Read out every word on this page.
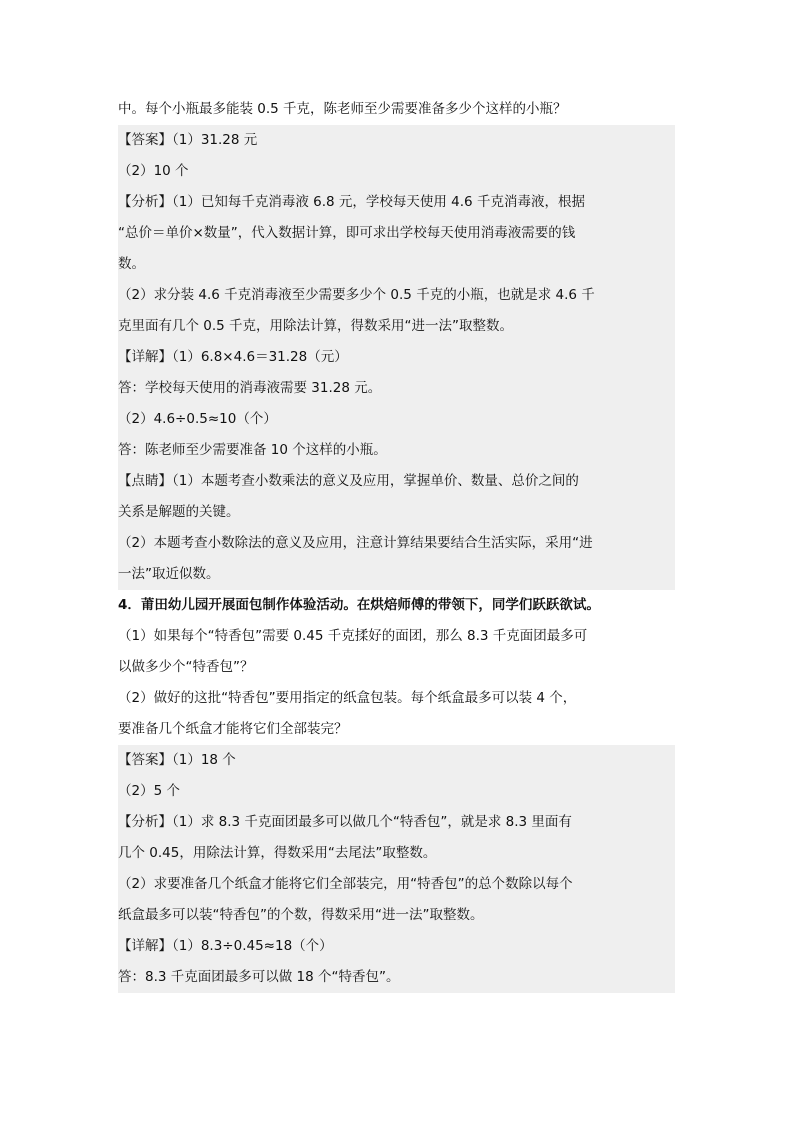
中。每个小瓶最多能装 0.5 千克，陈老师至少需要准备多少个这样的小瓶？
【答案】（1）31.28 元
（2）10 个
【分析】（1）已知每千克消毒液 6.8 元，学校每天使用 4.6 千克消毒液，根据
“总价＝单价×数量”，代入数据计算，即可求出学校每天使用消毒液需要的钱
数。
（2）求分装 4.6 千克消毒液至少需要多少个 0.5 千克的小瓶，也就是求 4.6 千
克里面有几个 0.5 千克，用除法计算，得数采用“进一法”取整数。
【详解】（1）6.8×4.6＝31.28（元）
答：学校每天使用的消毒液需要 31.28 元。
（2）4.6÷0.5≈10（个）
答：陈老师至少需要准备 10 个这样的小瓶。
【点睛】（1）本题考查小数乘法的意义及应用，掌握单价、数量、总价之间的
关系是解题的关键。
（2）本题考查小数除法的意义及应用，注意计算结果要结合生活实际，采用“进
一法”取近似数。
4．莆田幼儿园开展面包制作体验活动。在烘焙师傅的带领下，同学们跃跃欲试。
（1）如果每个“特香包”需要 0.45 千克揉好的面团，那么 8.3 千克面团最多可
以做多少个“特香包”？
（2）做好的这批“特香包”要用指定的纸盒包装。每个纸盒最多可以装 4 个，
要准备几个纸盒才能将它们全部装完？
【答案】（1）18 个
（2）5 个
【分析】（1）求 8.3 千克面团最多可以做几个“特香包”，就是求 8.3 里面有
几个 0.45，用除法计算，得数采用“去尾法”取整数。
（2）求要准备几个纸盒才能将它们全部装完，用“特香包”的总个数除以每个
纸盒最多可以装“特香包”的个数，得数采用“进一法”取整数。
【详解】（1）8.3÷0.45≈18（个）
答：8.3 千克面团最多可以做 18 个“特香包”。
